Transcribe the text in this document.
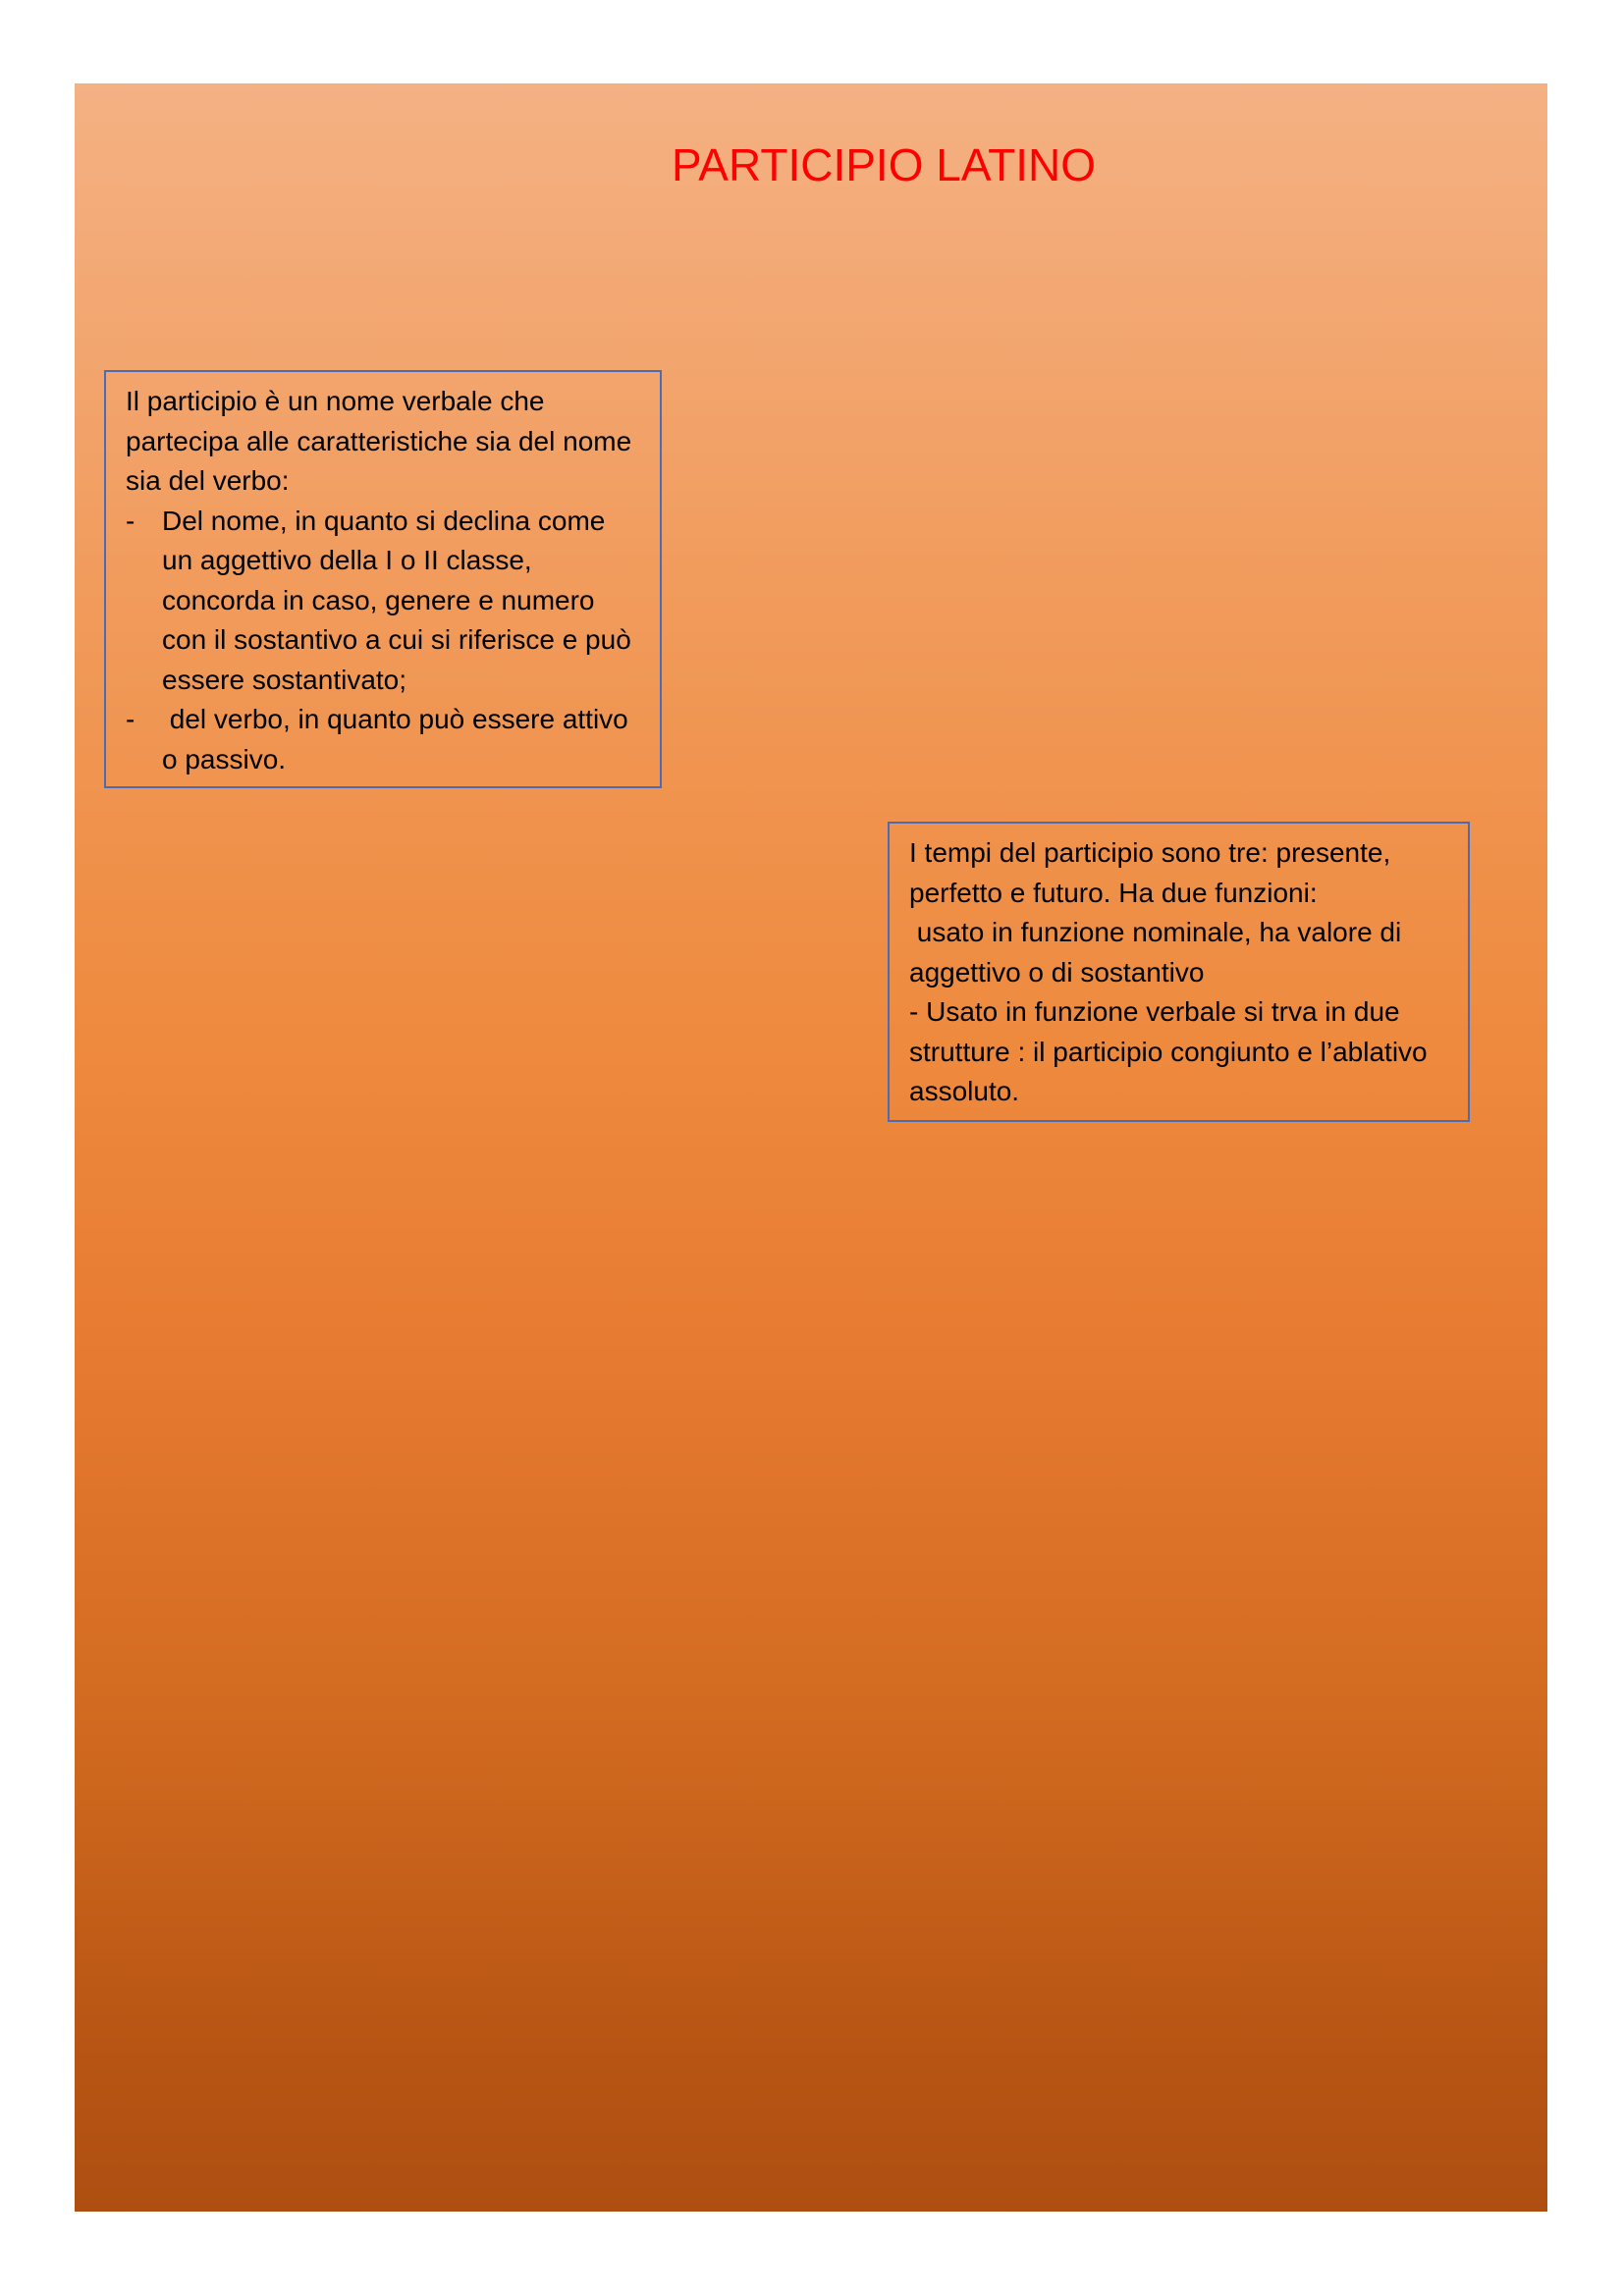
PARTICIPIO LATINO

Il participio è un nome verbale che partecipa alle caratteristiche sia del nome sia del verbo:

- Del nome, in quanto si declina come un aggettivo della I o II classe, concorda in caso, genere e numero con il sostantivo a cui si riferisce e può essere sostantivato;
- del verbo, in quanto può essere attivo o passivo.

I tempi del participio sono tre: presente, perfetto e futuro. Ha due funzioni:

usato in funzione nominale, ha valore di aggettivo o di sostantivo

- Usato in funzione verbale si trva in due strutture : il participio congiunto e l’ablativo assoluto.
